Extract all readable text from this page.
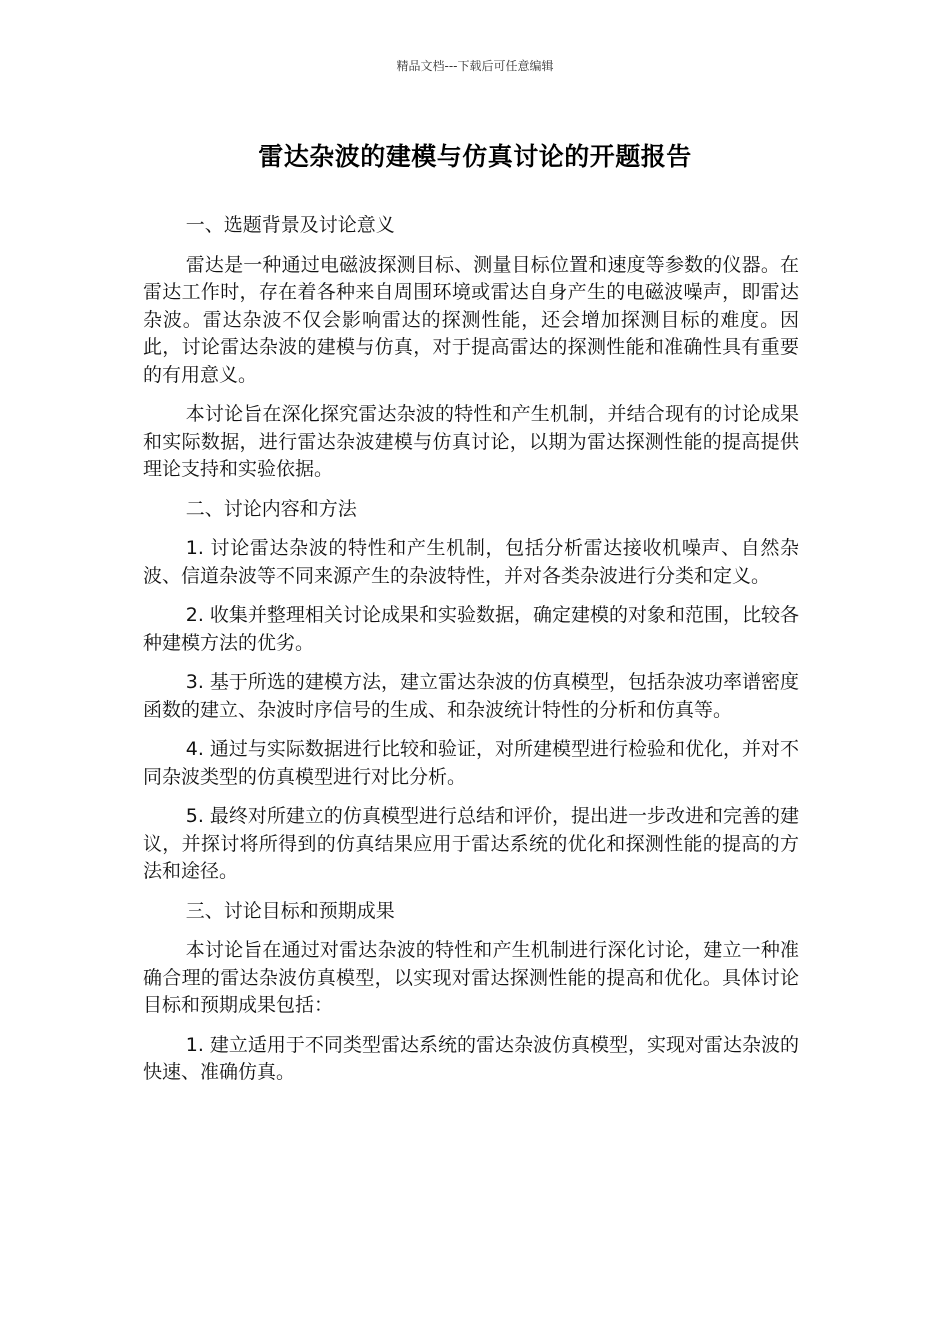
精品文档---下载后可任意编辑
雷达杂波的建模与仿真讨论的开题报告

一、选题背景及讨论意义

雷达是一种通过电磁波探测目标、测量目标位置和速度等参数的仪器。在雷达工作时，存在着各种来自周围环境或雷达自身产生的电磁波噪声，即雷达杂波。雷达杂波不仅会影响雷达的探测性能，还会增加探测目标的难度。因此，讨论雷达杂波的建模与仿真，对于提高雷达的探测性能和准确性具有重要的有用意义。

本讨论旨在深化探究雷达杂波的特性和产生机制，并结合现有的讨论成果和实际数据，进行雷达杂波建模与仿真讨论，以期为雷达探测性能的提高提供理论支持和实验依据。

二、讨论内容和方法

1. 讨论雷达杂波的特性和产生机制，包括分析雷达接收机噪声、自然杂波、信道杂波等不同来源产生的杂波特性，并对各类杂波进行分类和定义。

2. 收集并整理相关讨论成果和实验数据，确定建模的对象和范围，比较各种建模方法的优劣。

3. 基于所选的建模方法，建立雷达杂波的仿真模型，包括杂波功率谱密度函数的建立、杂波时序信号的生成、和杂波统计特性的分析和仿真等。

4. 通过与实际数据进行比较和验证，对所建模型进行检验和优化，并对不同杂波类型的仿真模型进行对比分析。

5. 最终对所建立的仿真模型进行总结和评价，提出进一步改进和完善的建议，并探讨将所得到的仿真结果应用于雷达系统的优化和探测性能的提高的方法和途径。

三、讨论目标和预期成果

本讨论旨在通过对雷达杂波的特性和产生机制进行深化讨论，建立一种准确合理的雷达杂波仿真模型，以实现对雷达探测性能的提高和优化。具体讨论目标和预期成果包括：

1. 建立适用于不同类型雷达系统的雷达杂波仿真模型，实现对雷达杂波的快速、准确仿真。
